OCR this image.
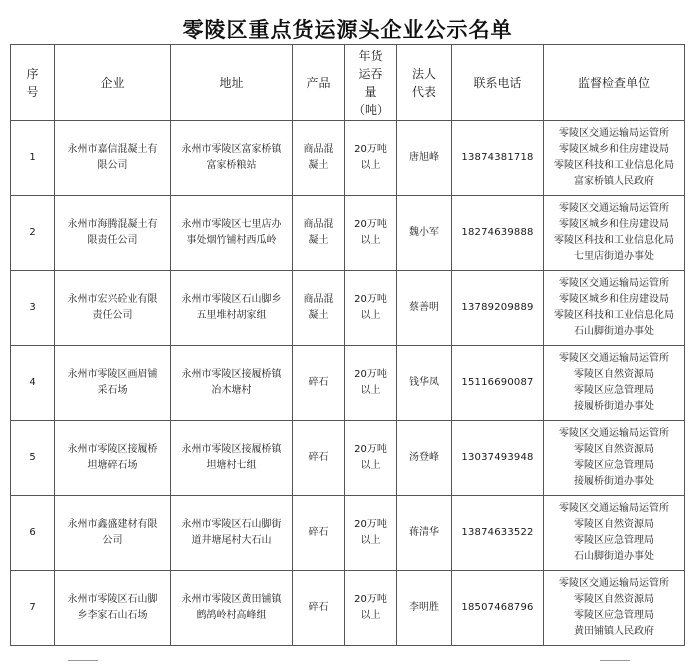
零陵区重点货运源头企业公示名单
序号	企业	地址	产品	年货运吞量（吨）	法人代表	联系电话	监督检查单位
1	永州市嘉信混凝土有限公司	永州市零陵区富家桥镇富家桥粮站	商品混凝土	20万吨以上	唐旭峰	13874381718	零陵区交通运输局运管所
零陵区城乡和住房建设局
零陵区科技和工业信息化局
富家桥镇人民政府

2	永州市海腾混凝土有限责任公司	永州市零陵区七里店办事处烟竹铺村西瓜岭	商品混凝土	20万吨以上	魏小军	18274639888	零陵区交通运输局运管所
零陵区城乡和住房建设局
零陵区科技和工业信息化局
七里店街道办事处

3	永州市宏兴砼业有限责任公司	永州市零陵区石山脚乡五里堆村胡家组	商品混凝土	20万吨以上	蔡善明	13789209889	零陵区交通运输局运管所
零陵区城乡和住房建设局
零陵区科技和工业信息化局
石山脚街道办事处

4	永州市零陵区画眉铺采石场	永州市零陵区接履桥镇冶木塘村	碎石	20万吨以上	钱华凤	15116690087	零陵区交通运输局运管所
零陵区自然资源局
零陵区应急管理局
接履桥街道办事处

5	永州市零陵区接履桥坦塘碎石场	永州市零陵区接履桥镇坦塘村七组	碎石	20万吨以上	汤登峰	13037493948	零陵区交通运输局运管所
零陵区自然资源局
零陵区应急管理局
接履桥街道办事处

6	永州市鑫盛建材有限公司	永州市零陵区石山脚街道井塘尾村大石山	碎石	20万吨以上	蒋清华	13874633522	零陵区交通运输局运管所
零陵区自然资源局
零陵区应急管理局
石山脚街道办事处

7	永州市零陵区石山脚乡李家石山石场	永州市零陵区黄田铺镇鹧鸪岭村高峰组	碎石	20万吨以上	李明胜	18507468796	零陵区交通运输局运管所
零陵区自然资源局
零陵区应急管理局
黄田铺镇人民政府
